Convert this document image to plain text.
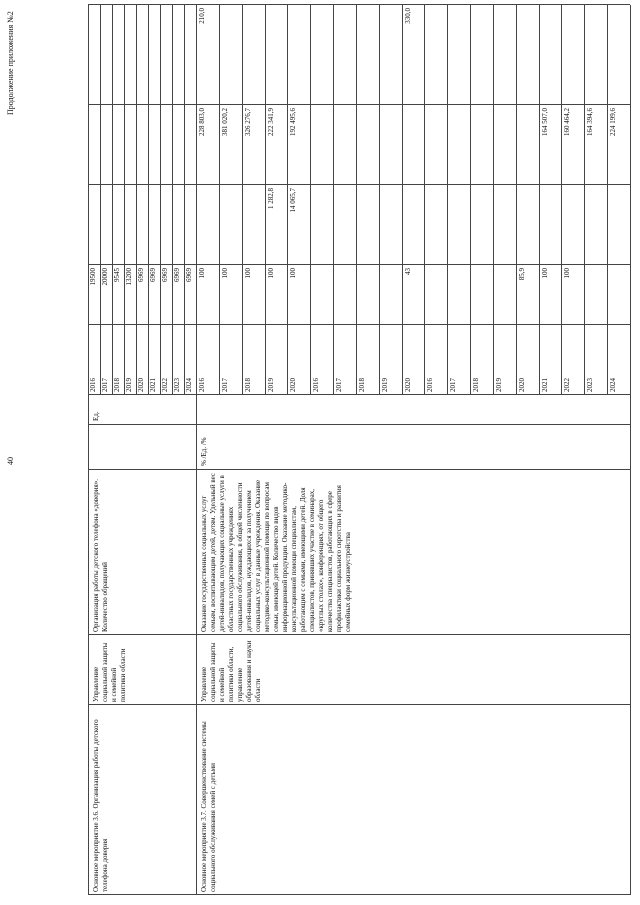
40
Продолжение приложения №2
Основное мероприятие 3.6. Организация работы детского телефона доверия
Управление социальной защиты и семейной политики области
Организация работы детского телефона «доверия». Количество обращений
Ед.
Основное мероприятие 3.7. Совершенствование системы социального обслуживания семей с детьми
Управление социальной защиты и семейной политики области, управление образования и науки области
Оказание государственных социальных услуг семьям, воспитывающим детей, детям. Удельный вес детей-инвалидов, получающих социальные услуги в областных государственных учреждениях социального обслуживания, в общей численности детей-инвалидов, нуждающихся за получением социальных услуг в данные учреждения. Оказание методико-консультационной помощи по вопросам семьи, имеющей детей. Количество видов информационной продукции. Оказание методико-консультационной помощи специалистам, работающим с семьями, имеющими детей. Доля специалистов, принявших участие в семинарах, «круглых столах», конференциях, от общего количества специалистов, работающих в сфере профилактики социального сиротства и развития семейных форм жизнеустройства
% /Ед. /%
2016
19500
2017
20000
2018
9545
2019
13200
2020
6969
2021
6969
2022
6969
2023
6969
2024
6969
2016
100
228 803,0
210,0
2017
100
381 020,2
2018
100
326 276,7
2019
100
1 282,8
222 341,9
2020
100
14 065,7
192 495,6
2016 2017 2018 2019 2020
43
330,0
2016 2017 2018 2019 2020
85,9
2021
100
164 507,0
2022
100
160 464,2
2023
164 394,6
2024
224 199,6
